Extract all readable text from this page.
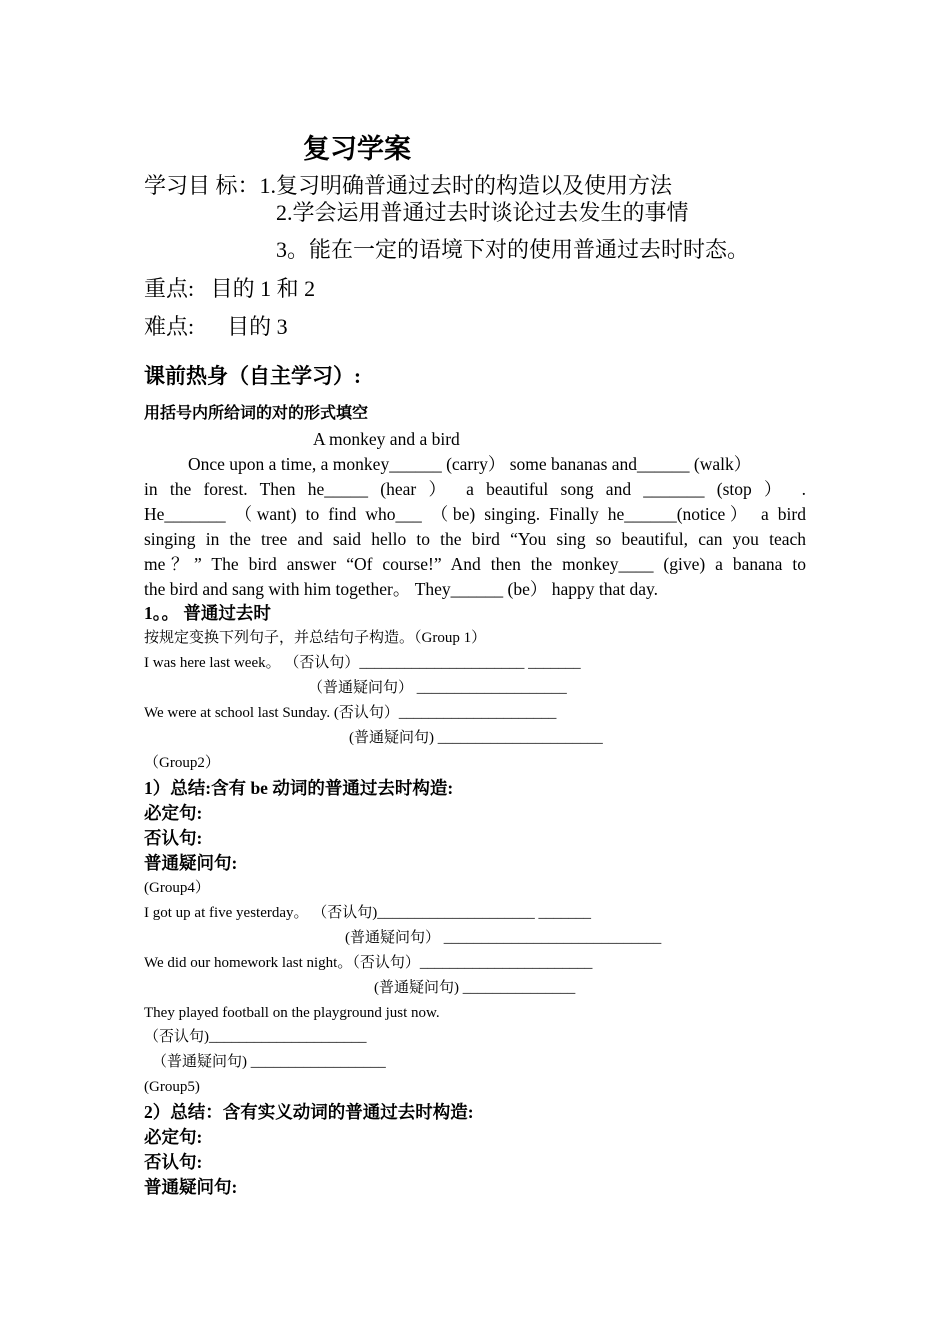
复习学案
学习目 标：1.复习明确普通过去时的构造以及使用方法
2.学会运用普通过去时谈论过去发生的事情
3。能在一定的语境下对的使用普通过去时时态。
重点:   目的 1 和 2
难点:      目的 3
课前热身（自主学习）:
用括号内所给词的对的形式填空
A monkey and a bird
Once upon a time, a monkey______ (carry） some bananas and______ (walk）
in the forest. Then he_____ (hear ） a beautiful song and _______ (stop ） .
He_______ （want) to find who___ （be) singing. Finally he______(notice） a bird
singing in the tree and said hello to the bird “You sing so beautiful, can you teach
me？” The bird answer “Of course!” And then the monkey____ (give) a banana to
the bird and sang with him together。 They______ (be） happy that day.
1。。 普通过去时
按规定变换下列句子，并总结句子构造。（Group 1）
I was here last week。 （否认句）______________________ _______
（普通疑问句） ____________________
We were at school last Sunday. (否认句）_____________________
(普通疑问句) ______________________
（Group2）
1）总结:含有 be 动词的普通过去时构造:
必定句:
否认句:
普通疑问句:
(Group4）
I got up at five yesterday。 （否认句)_____________________ _______
(普通疑问句） _____________________________
We did our homework last night。（否认句）_______________________
(普通疑问句) _______________
They played football on the playground just now.
（否认句)_____________________
（普通疑问句) __________________
(Group5)
2）总结：含有实义动词的普通过去时构造:
必定句:
否认句:
普通疑问句:
